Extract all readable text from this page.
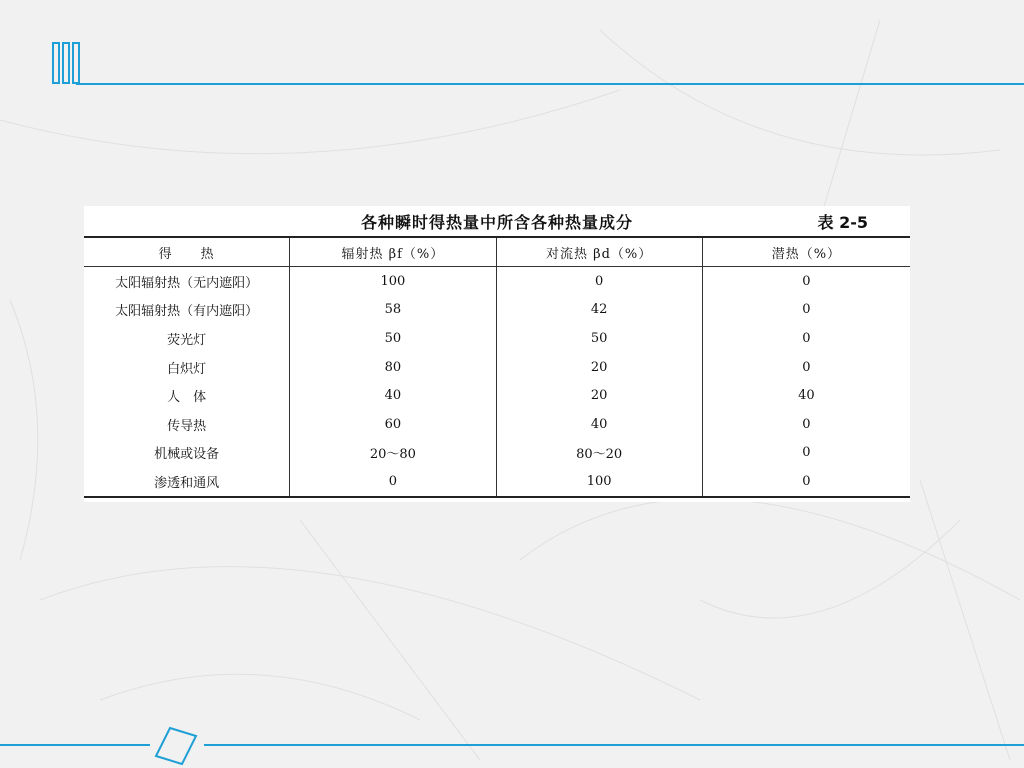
各种瞬时得热量中所含各种热量成分	表 2-5
得　　热	辐射热 βf（%）	对流热 βd（%）	潜热（%）
太阳辐射热（无内遮阳）	100	0	0
太阳辐射热（有内遮阳）	58	42	0
荧光灯	50	50	0
白炽灯	80	20	0
人　体	40	20	40
传导热	60	40	0
机械或设备	20～80	80～20	0
渗透和通风	0	100	0
